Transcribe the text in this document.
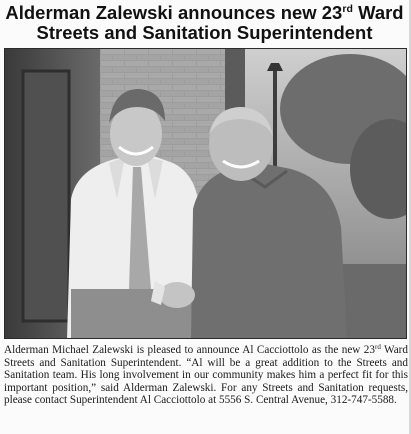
Alderman Zalewski announces new 23rd Ward
Streets and Sanitation Superintendent
Alderman Michael Zalewski is pleased to announce Al Cacciottolo as the new 23rd Ward Streets and Sanitation Superintendent. “Al will be a great addition to the Streets and Sanitation team. His long involvement in our community makes him a perfect fit for this important position,” said Alderman Zalewski. For any Streets and Sanitation requests, please contact Superintendent Al Cacciottolo at 5556 S. Central Avenue, 312-747-5588.
